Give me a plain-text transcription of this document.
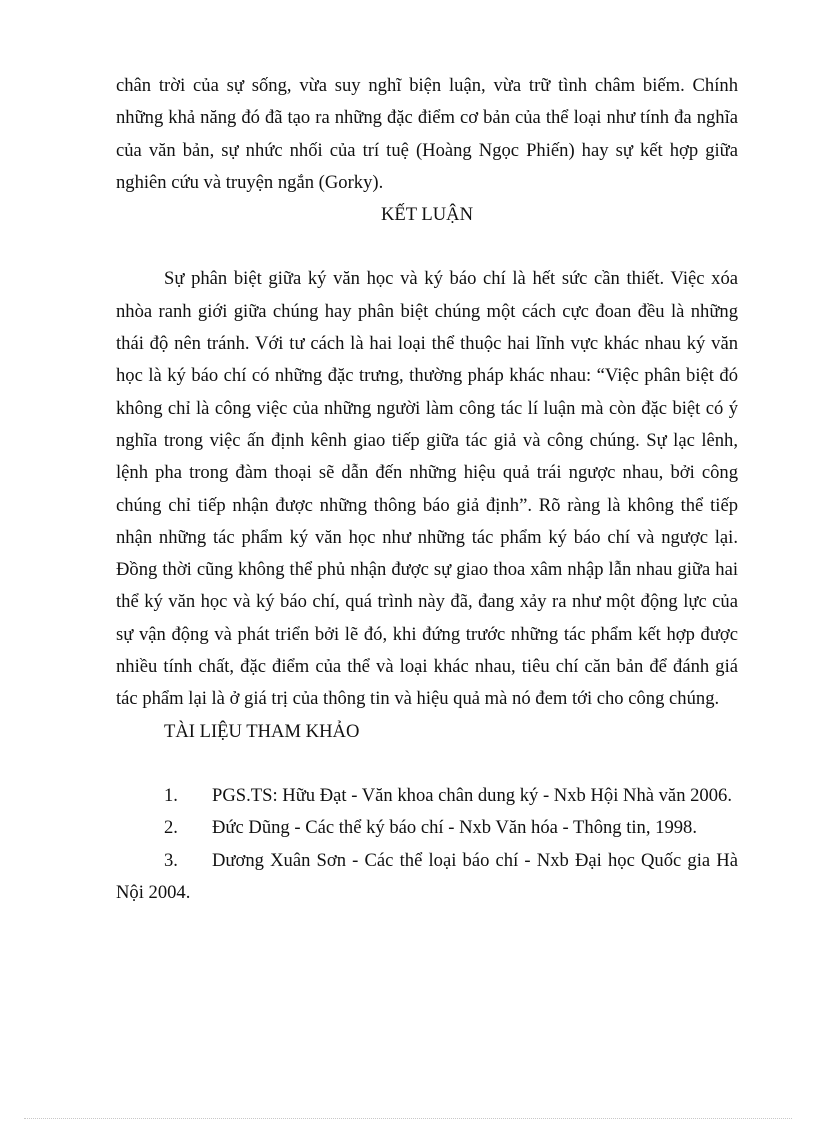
chân trời của sự sống, vừa suy nghĩ biện luận, vừa trữ tình châm biếm. Chính những khả năng đó đã tạo ra những đặc điểm cơ bản của thể loại như tính đa nghĩa của văn bản, sự nhức nhối của trí tuệ (Hoàng Ngọc Phiến) hay sự kết hợp giữa nghiên cứu và truyện ngắn (Gorky).

KẾT LUẬN

Sự phân biệt giữa ký văn học và ký báo chí là hết sức cần thiết. Việc xóa nhòa ranh giới giữa chúng hay phân biệt chúng một cách cực đoan đều là những thái độ nên tránh. Với tư cách là hai loại thể thuộc hai lĩnh vực khác nhau ký văn học là ký báo chí có những đặc trưng, thường pháp khác nhau: “Việc phân biệt đó không chỉ là công việc của những người làm công tác lí luận mà còn đặc biệt có ý nghĩa trong việc ấn định kênh giao tiếp giữa tác giả và công chúng. Sự lạc lênh, lệnh pha trong đàm thoại sẽ dẫn đến những hiệu quả trái ngược nhau, bởi công chúng chỉ tiếp nhận được những thông báo giả định”. Rõ ràng là không thể tiếp nhận những tác phẩm ký văn học như những tác phẩm ký báo chí và ngược lại. Đồng thời cũng không thể phủ nhận được sự giao thoa xâm nhập lẫn nhau giữa hai thể ký văn học và ký báo chí, quá trình này đã, đang xảy ra như một động lực của sự vận động và phát triển bởi lẽ đó, khi đứng trước những tác phẩm kết hợp được nhiều tính chất, đặc điểm của thể và loại khác nhau, tiêu chí căn bản để đánh giá tác phẩm lại là ở giá trị của thông tin và hiệu quả mà nó đem tới cho công chúng.

TÀI LIỆU THAM KHẢO

1. PGS.TS: Hữu Đạt - Văn khoa chân dung ký - Nxb Hội Nhà văn 2006.

2. Đức Dũng - Các thể ký báo chí - Nxb Văn hóa - Thông tin, 1998.

3. Dương Xuân Sơn - Các thể loại báo chí - Nxb Đại học Quốc gia Hà Nội 2004.
